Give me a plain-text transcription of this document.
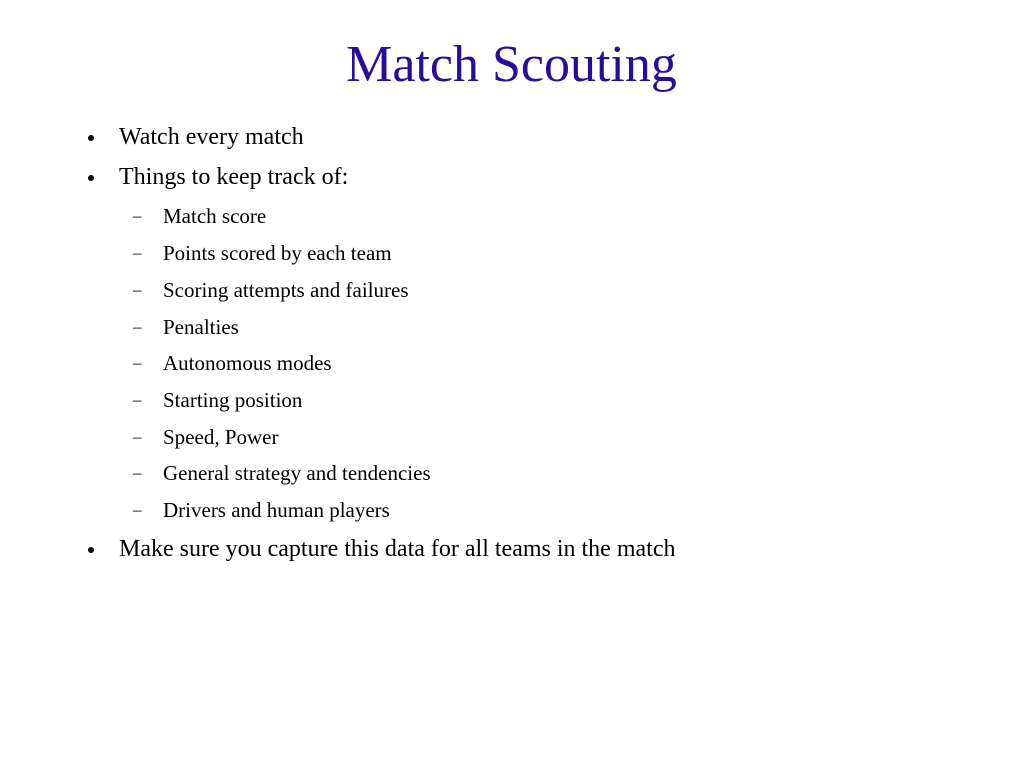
Match Scouting
Watch every match
Things to keep track of:
– Match score
– Points scored by each team
– Scoring attempts and failures
– Penalties
– Autonomous modes
– Starting position
– Speed, Power
– General strategy and tendencies
– Drivers and human players
Make sure you capture this data for all teams in the match
